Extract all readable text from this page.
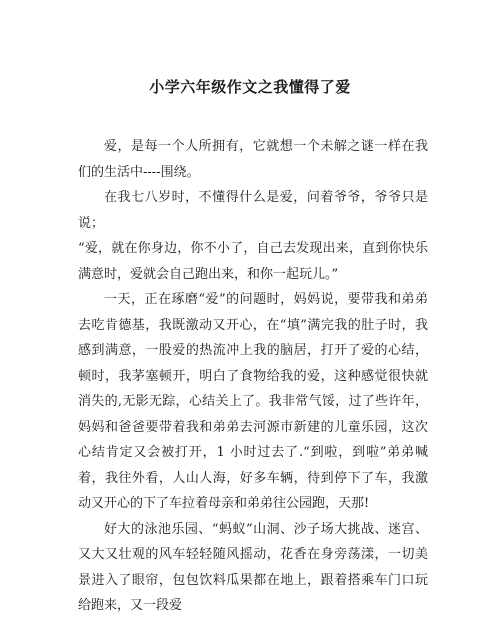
小学六年级作文之我懂得了爱
爱，是每一个人所拥有，它就想一个未解之谜一样在我们的生活中----围绕。
在我七八岁时，不懂得什么是爱，问着爷爷，爷爷只是说；
“爱，就在你身边，你不小了，自己去发现出来，直到你快乐满意时，爱就会自己跑出来，和你一起玩儿。”
一天，正在琢磨“爱”的问题时，妈妈说，要带我和弟弟去吃肯德基，我既激动又开心，在“填”满完我的肚子时，我感到满意，一股爱的热流冲上我的脑居，打开了爱的心结，顿时，我茅塞顿开，明白了食物给我的爱，这种感觉很快就消失的,无影无踪，心结关上了。我非常气馁，过了些许年，妈妈和爸爸要带着我和弟弟去河源市新建的儿童乐园，这次心结肯定又会被打开，1 小时过去了.“到啦，到啦”弟弟喊着，我往外看，人山人海，好多车辆，待到停下了车，我激动又开心的下了车拉着母亲和弟弟往公园跑，天那!
好大的泳池乐园、“蚂蚁”山洞、沙子场大挑战、迷宫、又大又壮观的风车轻轻随风摇动，花香在身旁荡漾，一切美景进入了眼帘，包包饮料瓜果都在地上，跟着搭乘车门口玩给跑来，又一段爱
